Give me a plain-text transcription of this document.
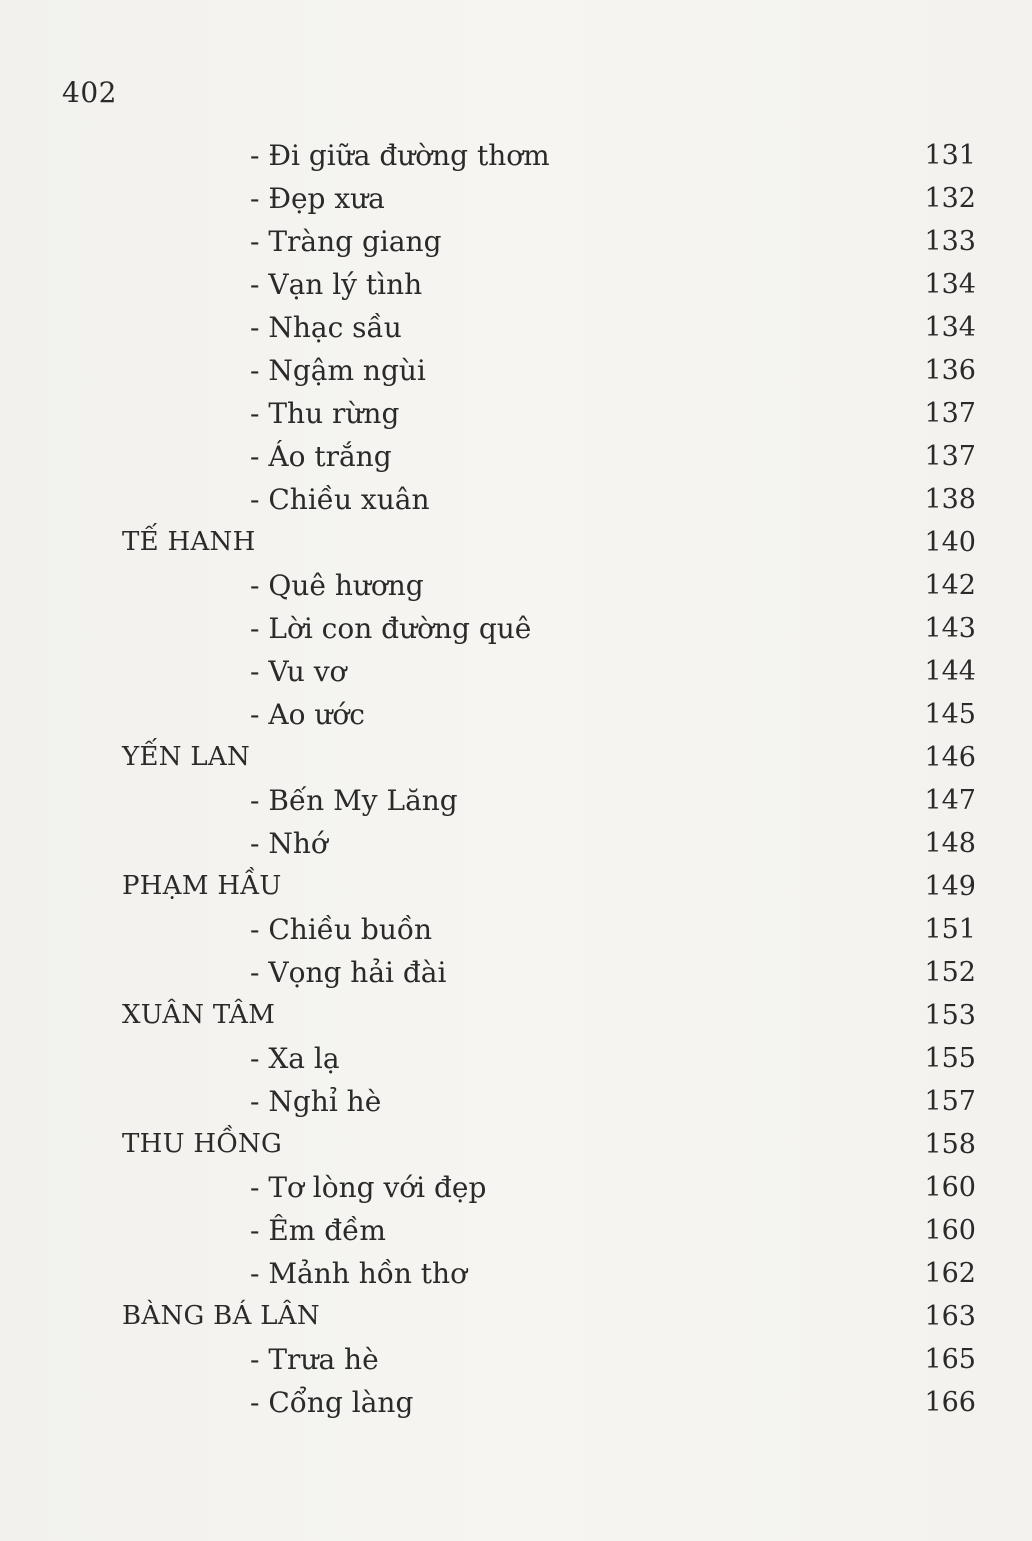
402
- Đi giữa đường thơm	131
- Đẹp xưa	132
- Tràng giang	133
- Vạn lý tình	134
- Nhạc sầu	134
- Ngậm ngùi	136
- Thu rừng	137
- Áo trắng	137
- Chiều xuân	138
TẾ HANH	140
- Quê hương	142
- Lời con đường quê	143
- Vu vơ	144
- Ao ước	145
YẾN LAN	146
- Bến My Lăng	147
- Nhớ	148
PHẠM HẦU	149
- Chiều buồn	151
- Vọng hải đài	152
XUÂN TÂM	153
- Xa lạ	155
- Nghỉ hè	157
THU HỒNG	158
- Tơ lòng với đẹp	160
- Êm đềm	160
- Mảnh hồn thơ	162
BÀNG BÁ LÂN	163
- Trưa hè	165
- Cổng làng	166
